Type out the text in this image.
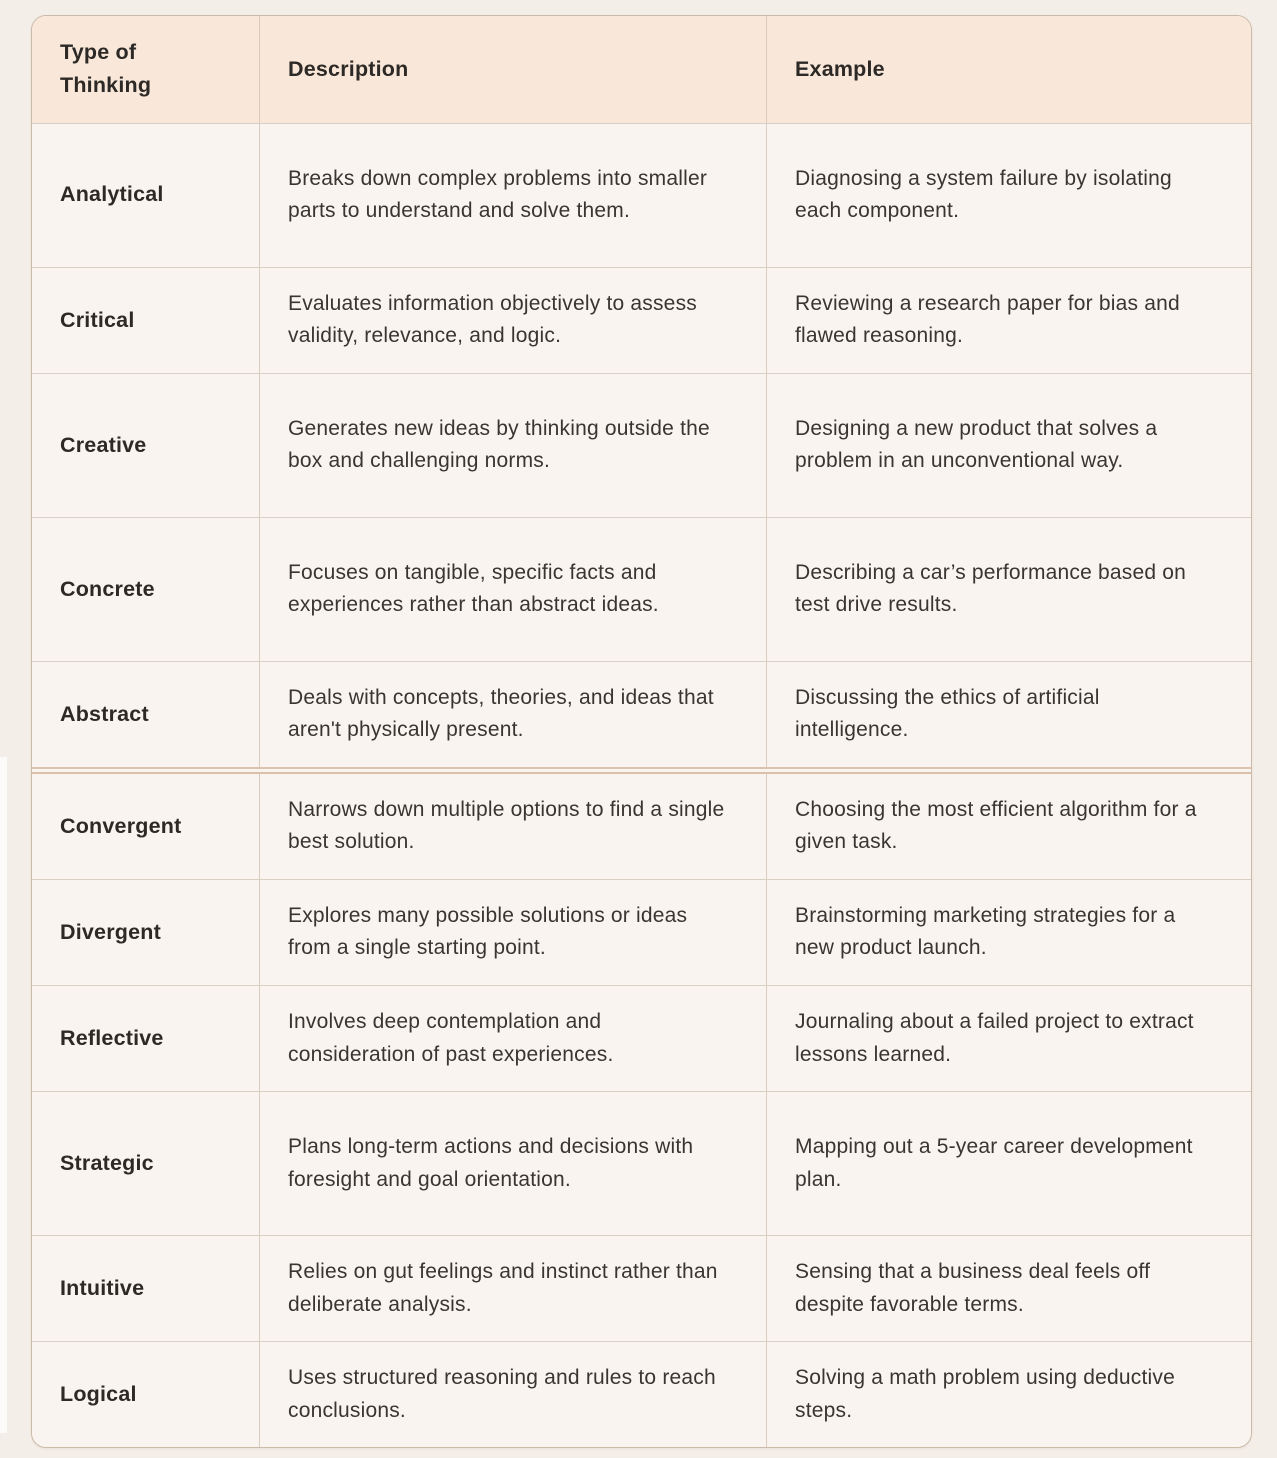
Type of Thinking
Description	Example
Analytical
Breaks down complex problems into smaller parts to understand and solve them.
Diagnosing a system failure by isolating each component.
Critical
Evaluates information objectively to assess validity, relevance, and logic.
Reviewing a research paper for bias and flawed reasoning.
Creative
Generates new ideas by thinking outside the box and challenging norms.
Designing a new product that solves a problem in an unconventional way.
Concrete
Focuses on tangible, specific facts and experiences rather than abstract ideas.
Describing a car’s performance based on test drive results.
Abstract
Deals with concepts, theories, and ideas that aren't physically present.
Discussing the ethics of artificial intelligence.
Convergent
Narrows down multiple options to find a single best solution.
Choosing the most efficient algorithm for a given task.
Divergent
Explores many possible solutions or ideas from a single starting point.
Brainstorming marketing strategies for a new product launch.
Reflective
Involves deep contemplation and consideration of past experiences.
Journaling about a failed project to extract lessons learned.
Strategic
Plans long-term actions and decisions with foresight and goal orientation.
Mapping out a 5-year career development plan.
Intuitive
Relies on gut feelings and instinct rather than deliberate analysis.
Sensing that a business deal feels off despite favorable terms.
Logical
Uses structured reasoning and rules to reach conclusions.
Solving a math problem using deductive steps.
